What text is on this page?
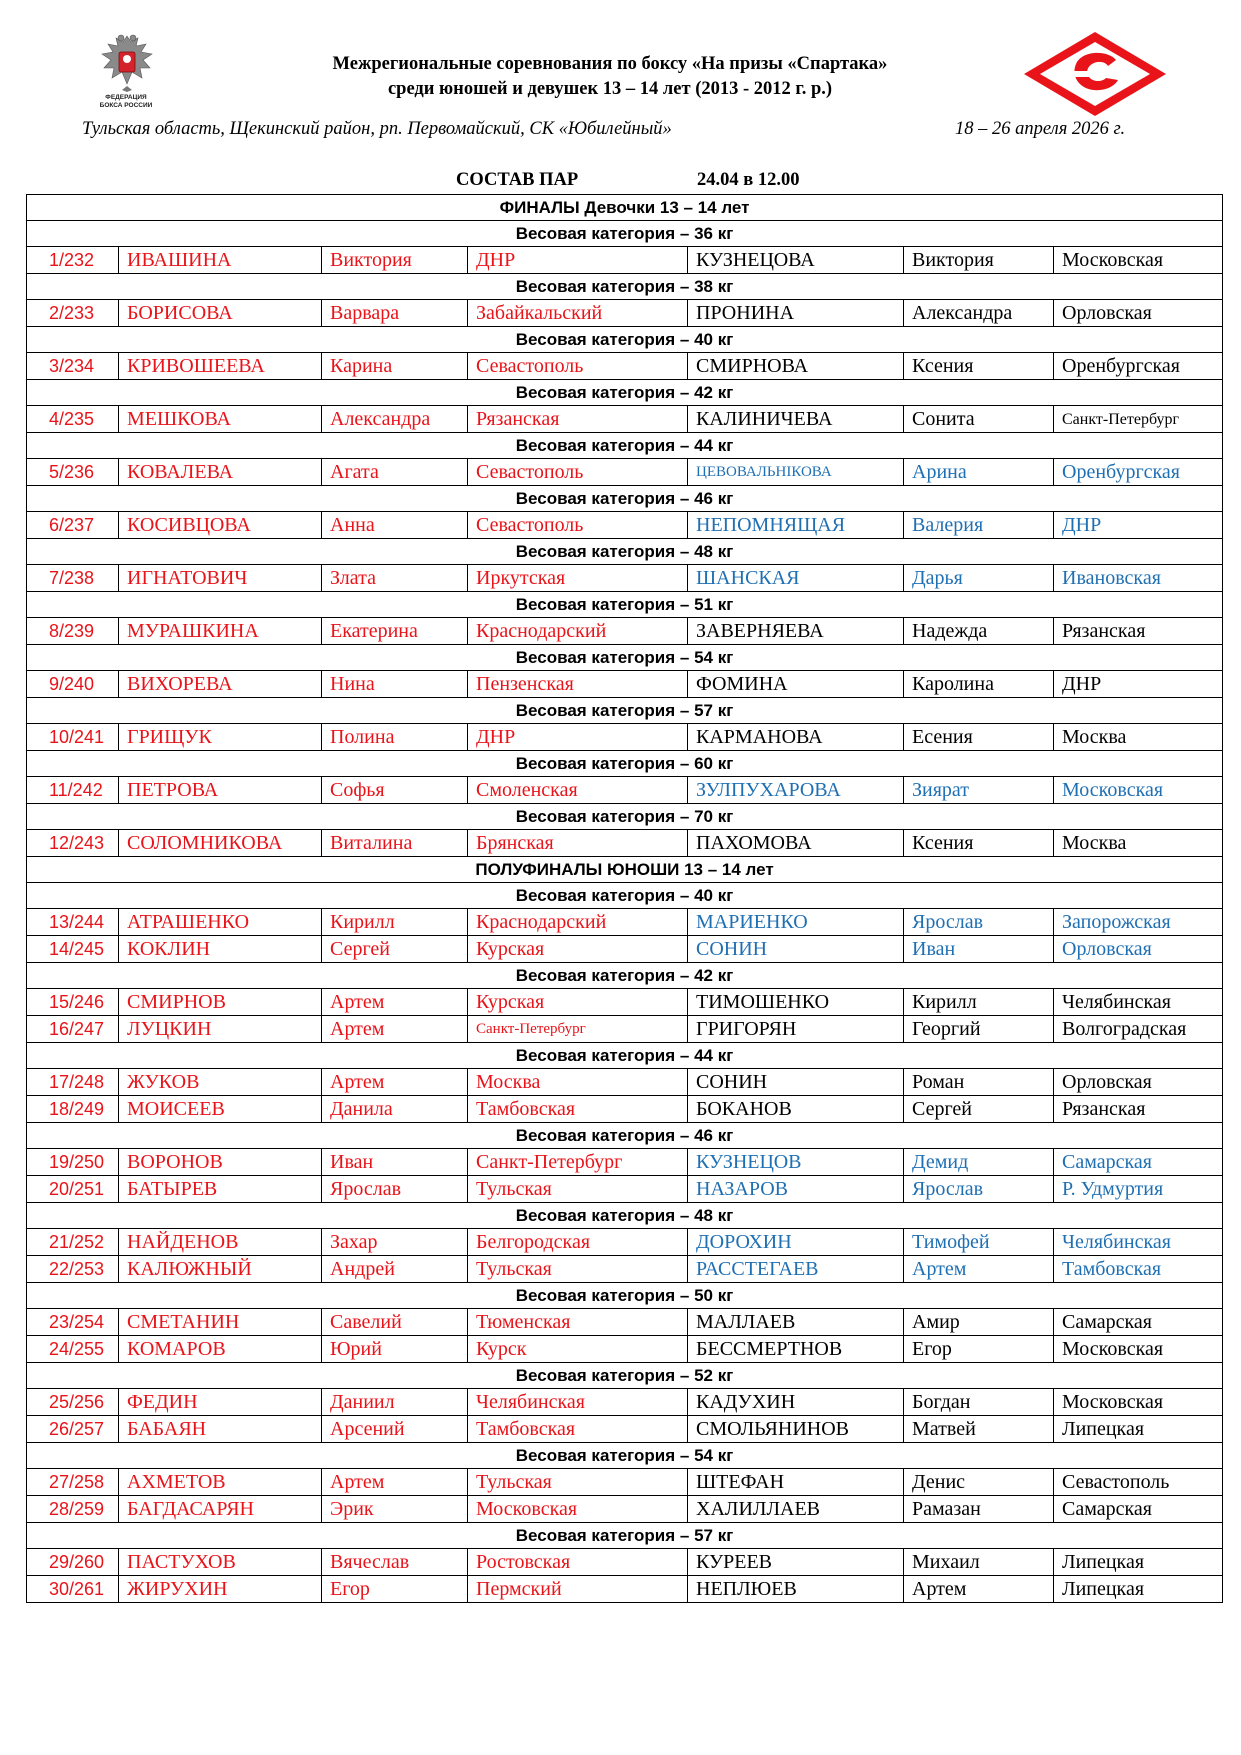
ФЕДЕРАЦИЯ
БОКСА РОССИИ
Межрегиональные соревнования по боксу «На призы «Спартака»
среди юношей и девушек 13 – 14 лет (2013 - 2012 г. р.)
Тульская область, Щекинский район, рп. Первомайский, СК «Юбилейный»	18 – 26 апреля 2026 г.
СОСТАВ ПАР	24.04 в 12.00
ФИНАЛЫ Девочки 13 – 14 лет						
Весовая категория – 36 кг						
1/232	ИВАШИНА	Виктория	ДНР	КУЗНЕЦОВА	Виктория	Московская
Весовая категория – 38 кг						
2/233	БОРИСОВА	Варвара	Забайкальский	ПРОНИНА	Александра	Орловская
Весовая категория – 40 кг						
3/234	КРИВОШЕЕВА	Карина	Севастополь	СМИРНОВА	Ксения	Оренбургская
Весовая категория – 42 кг						
4/235	МЕШКОВА	Александра	Рязанская	КАЛИНИЧЕВА	Сонита	Санкт-Петербург
Весовая категория – 44 кг						
5/236	КОВАЛЕВА	Агата	Севастополь	ЦЕВОВАЛЬНIКОВА	Арина	Оренбургская
Весовая категория – 46 кг						
6/237	КОСИВЦОВА	Анна	Севастополь	НЕПОМНЯЩАЯ	Валерия	ДНР
Весовая категория – 48 кг						
7/238	ИГНАТОВИЧ	Злата	Иркутская	ШАНСКАЯ	Дарья	Ивановская
Весовая категория – 51 кг						
8/239	МУРАШКИНА	Екатерина	Краснодарский	ЗАВЕРНЯЕВА	Надежда	Рязанская
Весовая категория – 54 кг						
9/240	ВИХОРЕВА	Нина	Пензенская	ФОМИНА	Каролина	ДНР
Весовая категория – 57 кг						
10/241	ГРИЩУК	Полина	ДНР	КАРМАНОВА	Есения	Москва
Весовая категория – 60 кг						
11/242	ПЕТРОВА	Софья	Смоленская	ЗУЛПУХАРОВА	Зиярат	Московская
Весовая категория – 70 кг						
12/243	СОЛОМНИКОВА	Виталина	Брянская	ПАХОМОВА	Ксения	Москва
ПОЛУФИНАЛЫ ЮНОШИ 13 – 14 лет						
Весовая категория – 40 кг						
13/244	АТРАШЕНКО	Кирилл	Краснодарский	МАРИЕНКО	Ярослав	Запорожская
14/245	КОКЛИН	Сергей	Курская	СОНИН	Иван	Орловская
Весовая категория – 42 кг						
15/246	СМИРНОВ	Артем	Курская	ТИМОШЕНКО	Кирилл	Челябинская
16/247	ЛУЦКИН	Артем	Санкт-Петербург	ГРИГОРЯН	Георгий	Волгоградская
Весовая категория – 44 кг						
17/248	ЖУКОВ	Артем	Москва	СОНИН	Роман	Орловская
18/249	МОИСЕЕВ	Данила	Тамбовская	БОКАНОВ	Сергей	Рязанская
Весовая категория – 46 кг						
19/250	ВОРОНОВ	Иван	Санкт-Петербург	КУЗНЕЦОВ	Демид	Самарская
20/251	БАТЫРЕВ	Ярослав	Тульская	НАЗАРОВ	Ярослав	Р. Удмуртия
Весовая категория – 48 кг						
21/252	НАЙДЕНОВ	Захар	Белгородская	ДОРОХИН	Тимофей	Челябинская
22/253	КАЛЮЖНЫЙ	Андрей	Тульская	РАССТЕГАЕВ	Артем	Тамбовская
Весовая категория – 50 кг						
23/254	СМЕТАНИН	Савелий	Тюменская	МАЛЛАЕВ	Амир	Самарская
24/255	КОМАРОВ	Юрий	Курск	БЕССМЕРТНОВ	Егор	Московская
Весовая категория – 52 кг						
25/256	ФЕДИН	Даниил	Челябинская	КАДУХИН	Богдан	Московская
26/257	БАБАЯН	Арсений	Тамбовская	СМОЛЬЯНИНОВ	Матвей	Липецкая
Весовая категория – 54 кг						
27/258	АХМЕТОВ	Артем	Тульская	ШТЕФАН	Денис	Севастополь
28/259	БАГДАСАРЯН	Эрик	Московская	ХАЛИЛЛАЕВ	Рамазан	Самарская
Весовая категория – 57 кг						
29/260	ПАСТУХОВ	Вячеслав	Ростовская	КУРЕЕВ	Михаил	Липецкая
30/261	ЖИРУХИН	Егор	Пермский	НЕПЛЮЕВ	Артем	Липецкая
